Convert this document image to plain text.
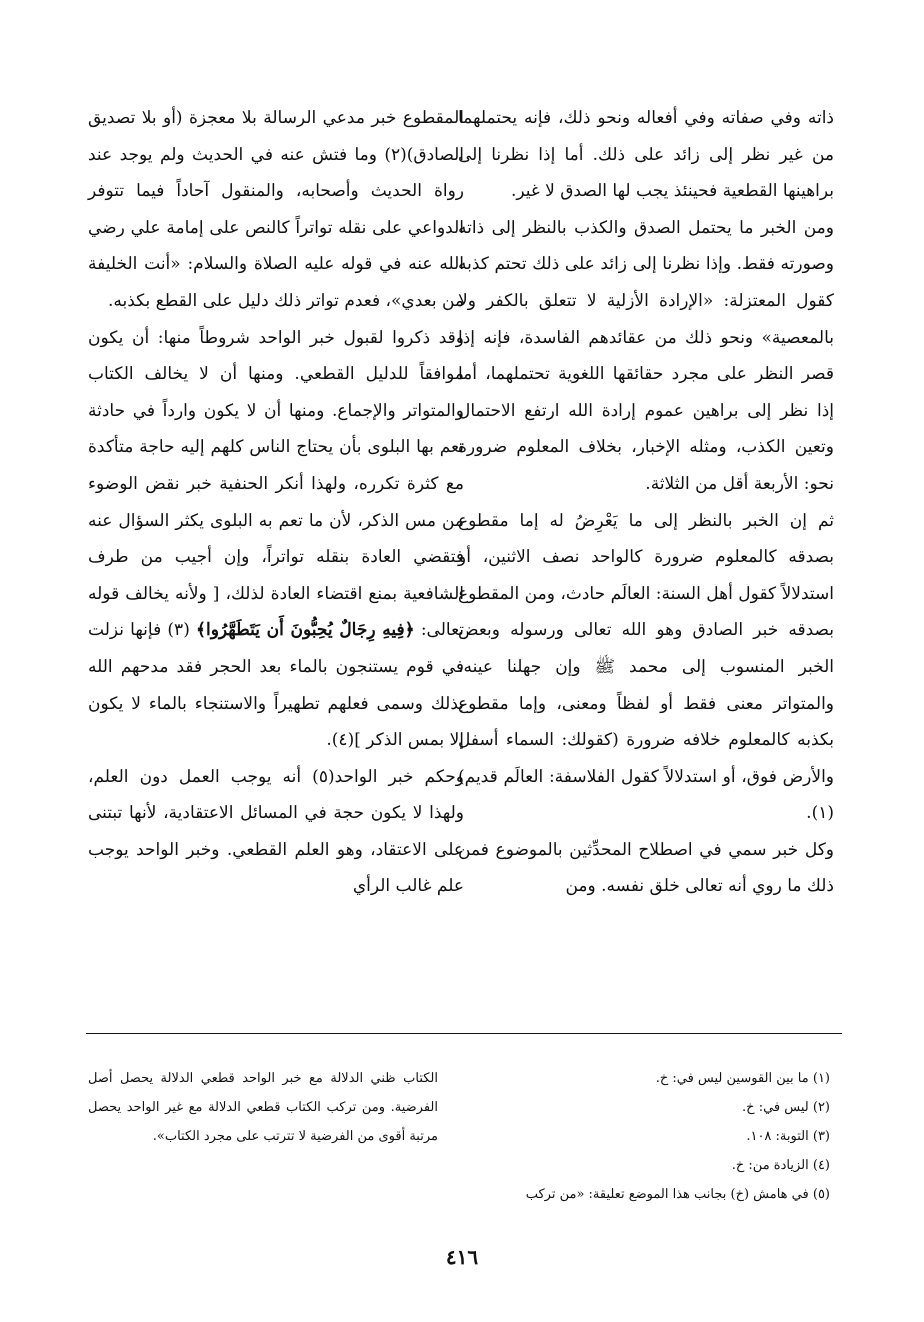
ذاته وفي صفاته وفي أفعاله ونحو ذلك، فإنه يحتملهما من غير نظر إلى زائد على ذلك. أما إذا نظرنا إلى براهينها القطعية فحينئذ يجب لها الصدق لا غير.

ومن الخبر ما يحتمل الصدق والكذب بالنظر إلى ذاته وصورته فقط. وإذا نظرنا إلى زائد على ذلك تحتم كذبه كقول المعتزلة: «الإرادة الأزلية لا تتعلق بالكفر ولا بالمعصية» ونحو ذلك من عقائدهم الفاسدة، فإنه إذا قصر النظر على مجرد حقائقها اللغوية تحتملهما، أما إذا نظر إلى براهين عموم إرادة الله ارتفع الاحتمال وتعين الكذب، ومثله الإخبار، بخلاف المعلوم ضرورة نحو: الأربعة أقل من الثلاثة.

ثم إن الخبر بالنظر إلى ما يَعْرِضُ له إما مقطوع بصدقه كالمعلوم ضرورة كالواحد نصف الاثنين، أو استدلالاً كقول أهل السنة: العالَم حادث، ومن المقطوع بصدقه خبر الصادق وهو الله تعالى ورسوله وبعض الخبر المنسوب إلى محمد ﷺ وإن جهلنا عينه، والمتواتر معنى فقط أو لفظاً ومعنى، وإما مقطوع بكذبه كالمعلوم خلافه ضرورة (كقولك: السماء أسفل والأرض فوق، أو استدلالاً كقول الفلاسفة: العالَم قديم)(١).

وكل خبر سمي في اصطلاح المحدِّثين بالموضوع فمن ذلك ما روي أنه تعالى خلق نفسه. ومن

المقطوع خبر مدعي الرسالة بلا معجزة (أو بلا تصديق الصادق)(٢) وما فتش عنه في الحديث ولم يوجد عند رواة الحديث وأصحابه، والمنقول آحاداً فيما تتوفر الدواعي على نقله تواتراً كالنص على إمامة علي رضي الله عنه في قوله عليه الصلاة والسلام: «أنت الخليفة من بعدي»، فعدم تواتر ذلك دليل على القطع بكذبه.

وقد ذكروا لقبول خبر الواحد شروطاً منها: أن يكون موافقاً للدليل القطعي. ومنها أن لا يخالف الكتاب والمتواتر والإجماع. ومنها أن لا يكون وارداً في حادثة تعم بها البلوى بأن يحتاج الناس كلهم إليه حاجة متأكدة مع كثرة تكرره، ولهذا أنكر الحنفية خبر نقض الوضوء من مس الذكر، لأن ما تعم به البلوى يكثر السؤال عنه فتقضي العادة بنقله تواتراً، وإن أجيب من طرف الشافعية بمنع اقتضاء العادة لذلك، [ ولأنه يخالف قوله تعالى: ﴿فِيهِ رِجَالٌ يُحِبُّونَ أَن يَتَطَهَّرُوا﴾ (٣) فإنها نزلت في قوم يستنجون بالماء بعد الحجر فقد مدحهم الله بذلك وسمى فعلهم تطهيراً والاستنجاء بالماء لا يكون إلا بمس الذكر ](٤).

وحكم خبر الواحد(٥) أنه يوجب العمل دون العلم، ولهذا لا يكون حجة في المسائل الاعتقادية، لأنها تبتنى على الاعتقاد، وهو العلم القطعي. وخبر الواحد يوجب علم غالب الرأي

(١) ما بين القوسين ليس في: خ.

(٢) ليس في: خ.

(٣) التوبة: ١٠٨.

(٤) الزيادة من: خ.

(٥) في هامش (خ) بجانب هذا الموضع تعليقة: «من تركب

الكتاب ظني الدلالة مع خبر الواحد قطعي الدلالة يحصل أصل الفرضية. ومن تركب الكتاب قطعي الدلالة مع غير الواحد يحصل مرتبة أقوى من الفرضية لا تترتب على مجرد الكتاب».

٤١٦
